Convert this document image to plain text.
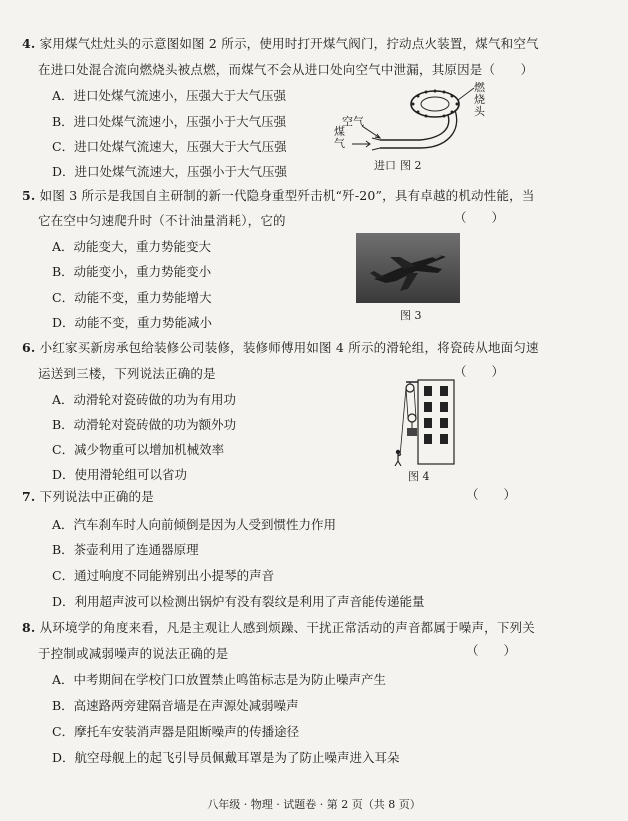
4. 家用煤气灶灶头的示意图如图 2 所示，使用时打开煤气阀门，拧动点火装置，煤气和空气
在进口处混合流向燃烧头被点燃，而煤气不会从进口处向空气中泄漏，其原因是（　　）
A．进口处煤气流速小，压强大于大气压强
B．进口处煤气流速小，压强小于大气压强
C．进口处煤气流速大，压强大于大气压强
D．进口处煤气流速大，压强小于大气压强
空气
煤气
进口
燃烧头
图 2
5. 如图 3 所示是我国自主研制的新一代隐身重型歼击机“歼-20”，具有卓越的机动性能，当
它在空中匀速爬升时（不计油量消耗），它的	（　　）
A．动能变大，重力势能变大
B．动能变小，重力势能变小
C．动能不变，重力势能增大
D．动能不变，重力势能减小	图 3
6. 小红家买新房承包给装修公司装修，装修师傅用如图 4 所示的滑轮组，将瓷砖从地面匀速
运送到三楼，下列说法正确的是	（　　）
A．动滑轮对瓷砖做的功为有用功
B．动滑轮对瓷砖做的功为额外功
C．减少物重可以增加机械效率
D．使用滑轮组可以省功	图 4
7. 下列说法中正确的是	（　　）
A．汽车刹车时人向前倾倒是因为人受到惯性力作用
B．茶壶利用了连通器原理
C．通过响度不同能辨别出小提琴的声音
D．利用超声波可以检测出锅炉有没有裂纹是利用了声音能传递能量
8. 从环境学的角度来看，凡是主观让人感到烦躁、干扰正常活动的声音都属于噪声，下列关
于控制或减弱噪声的说法正确的是	（　　）
A．中考期间在学校门口放置禁止鸣笛标志是为防止噪声产生
B．高速路两旁建隔音墙是在声源处减弱噪声
C．摩托车安装消声器是阻断噪声的传播途径
D．航空母舰上的起飞引导员佩戴耳罩是为了防止噪声进入耳朵
八年级 · 物理 · 试题卷 · 第 2 页（共 8 页）
